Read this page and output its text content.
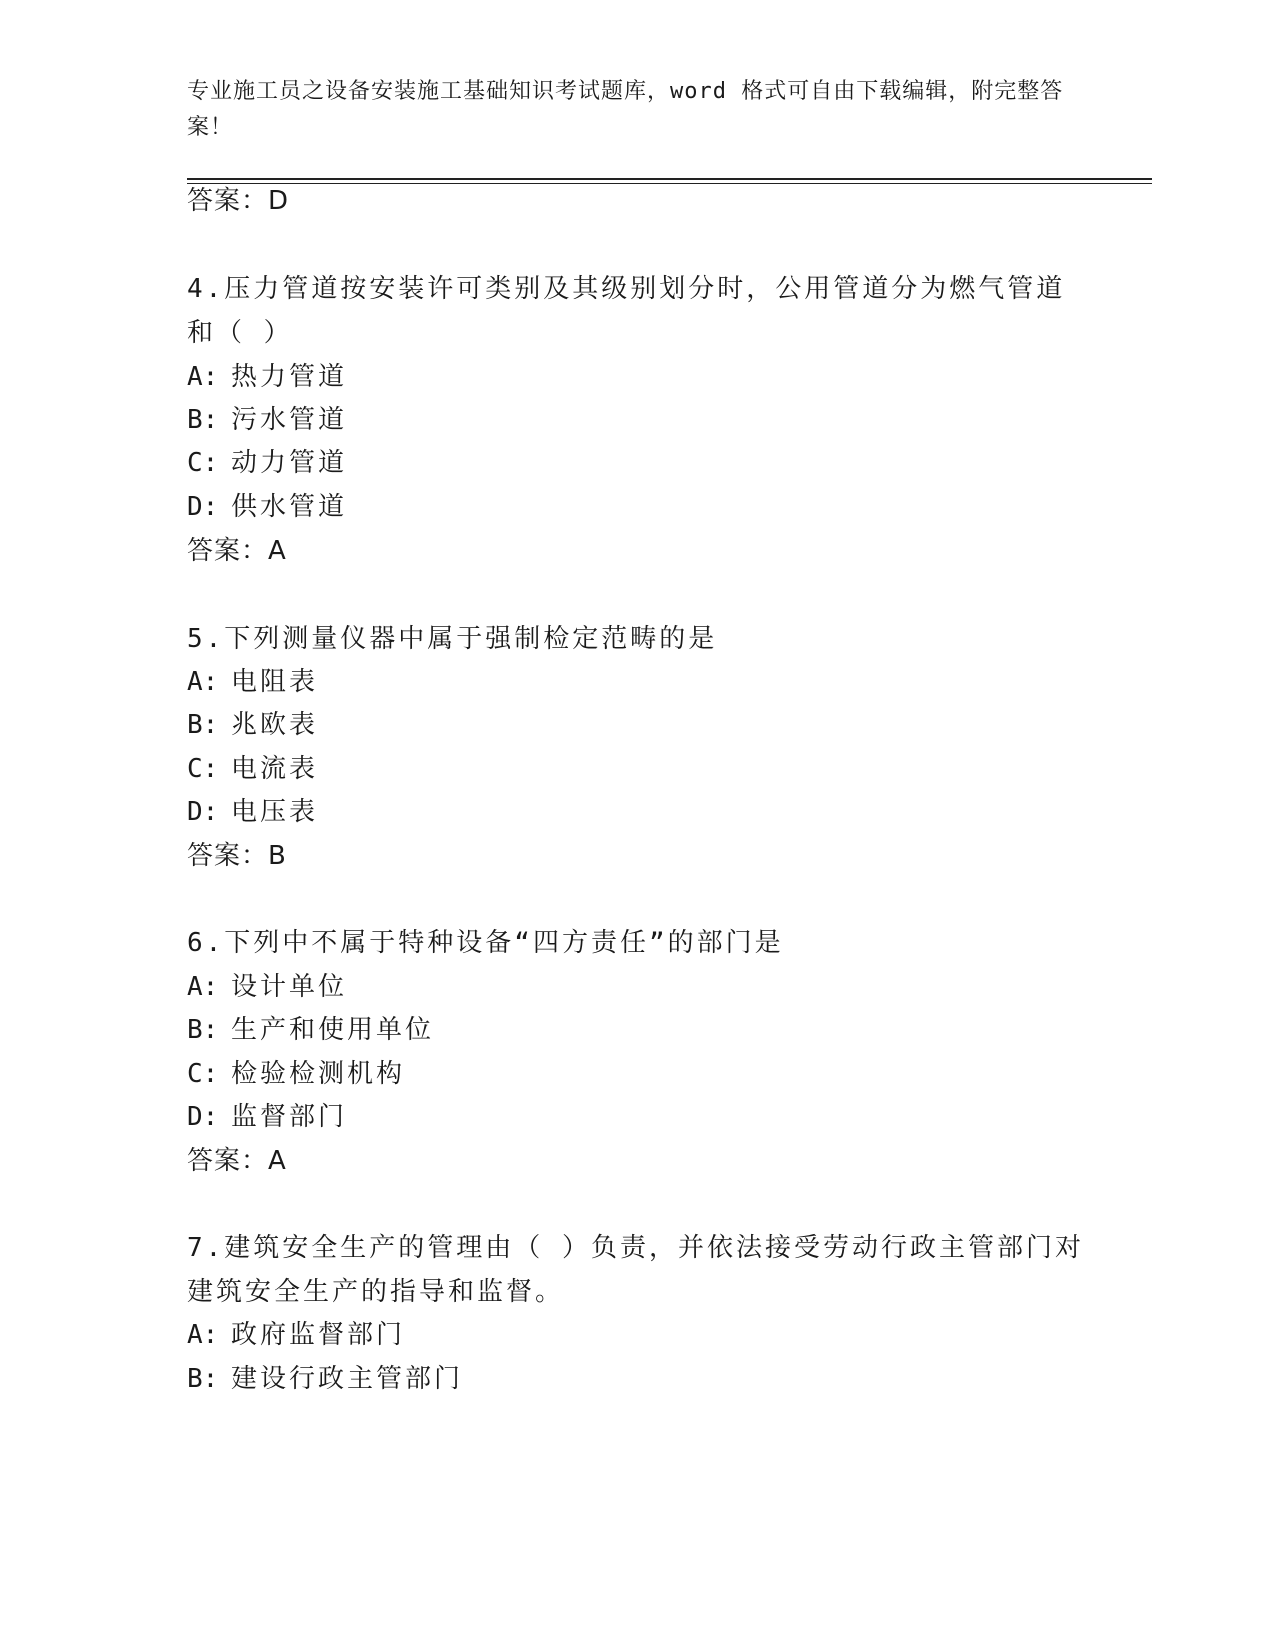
专业施工员之设备安装施工基础知识考试题库，word 格式可自由下载编辑，附完整答案！
答案：D
4.压力管道按安装许可类别及其级别划分时，公用管道分为燃气管道
和（ ）
A: 热力管道
B: 污水管道
C: 动力管道
D: 供水管道
答案：A
5.下列测量仪器中属于强制检定范畴的是
A: 电阻表
B: 兆欧表
C: 电流表
D: 电压表
答案：B
6.下列中不属于特种设备“四方责任”的部门是
A: 设计单位
B: 生产和使用单位
C: 检验检测机构
D: 监督部门
答案：A
7.建筑安全生产的管理由（ ）负责，并依法接受劳动行政主管部门对
建筑安全生产的指导和监督。
A: 政府监督部门
B: 建设行政主管部门
